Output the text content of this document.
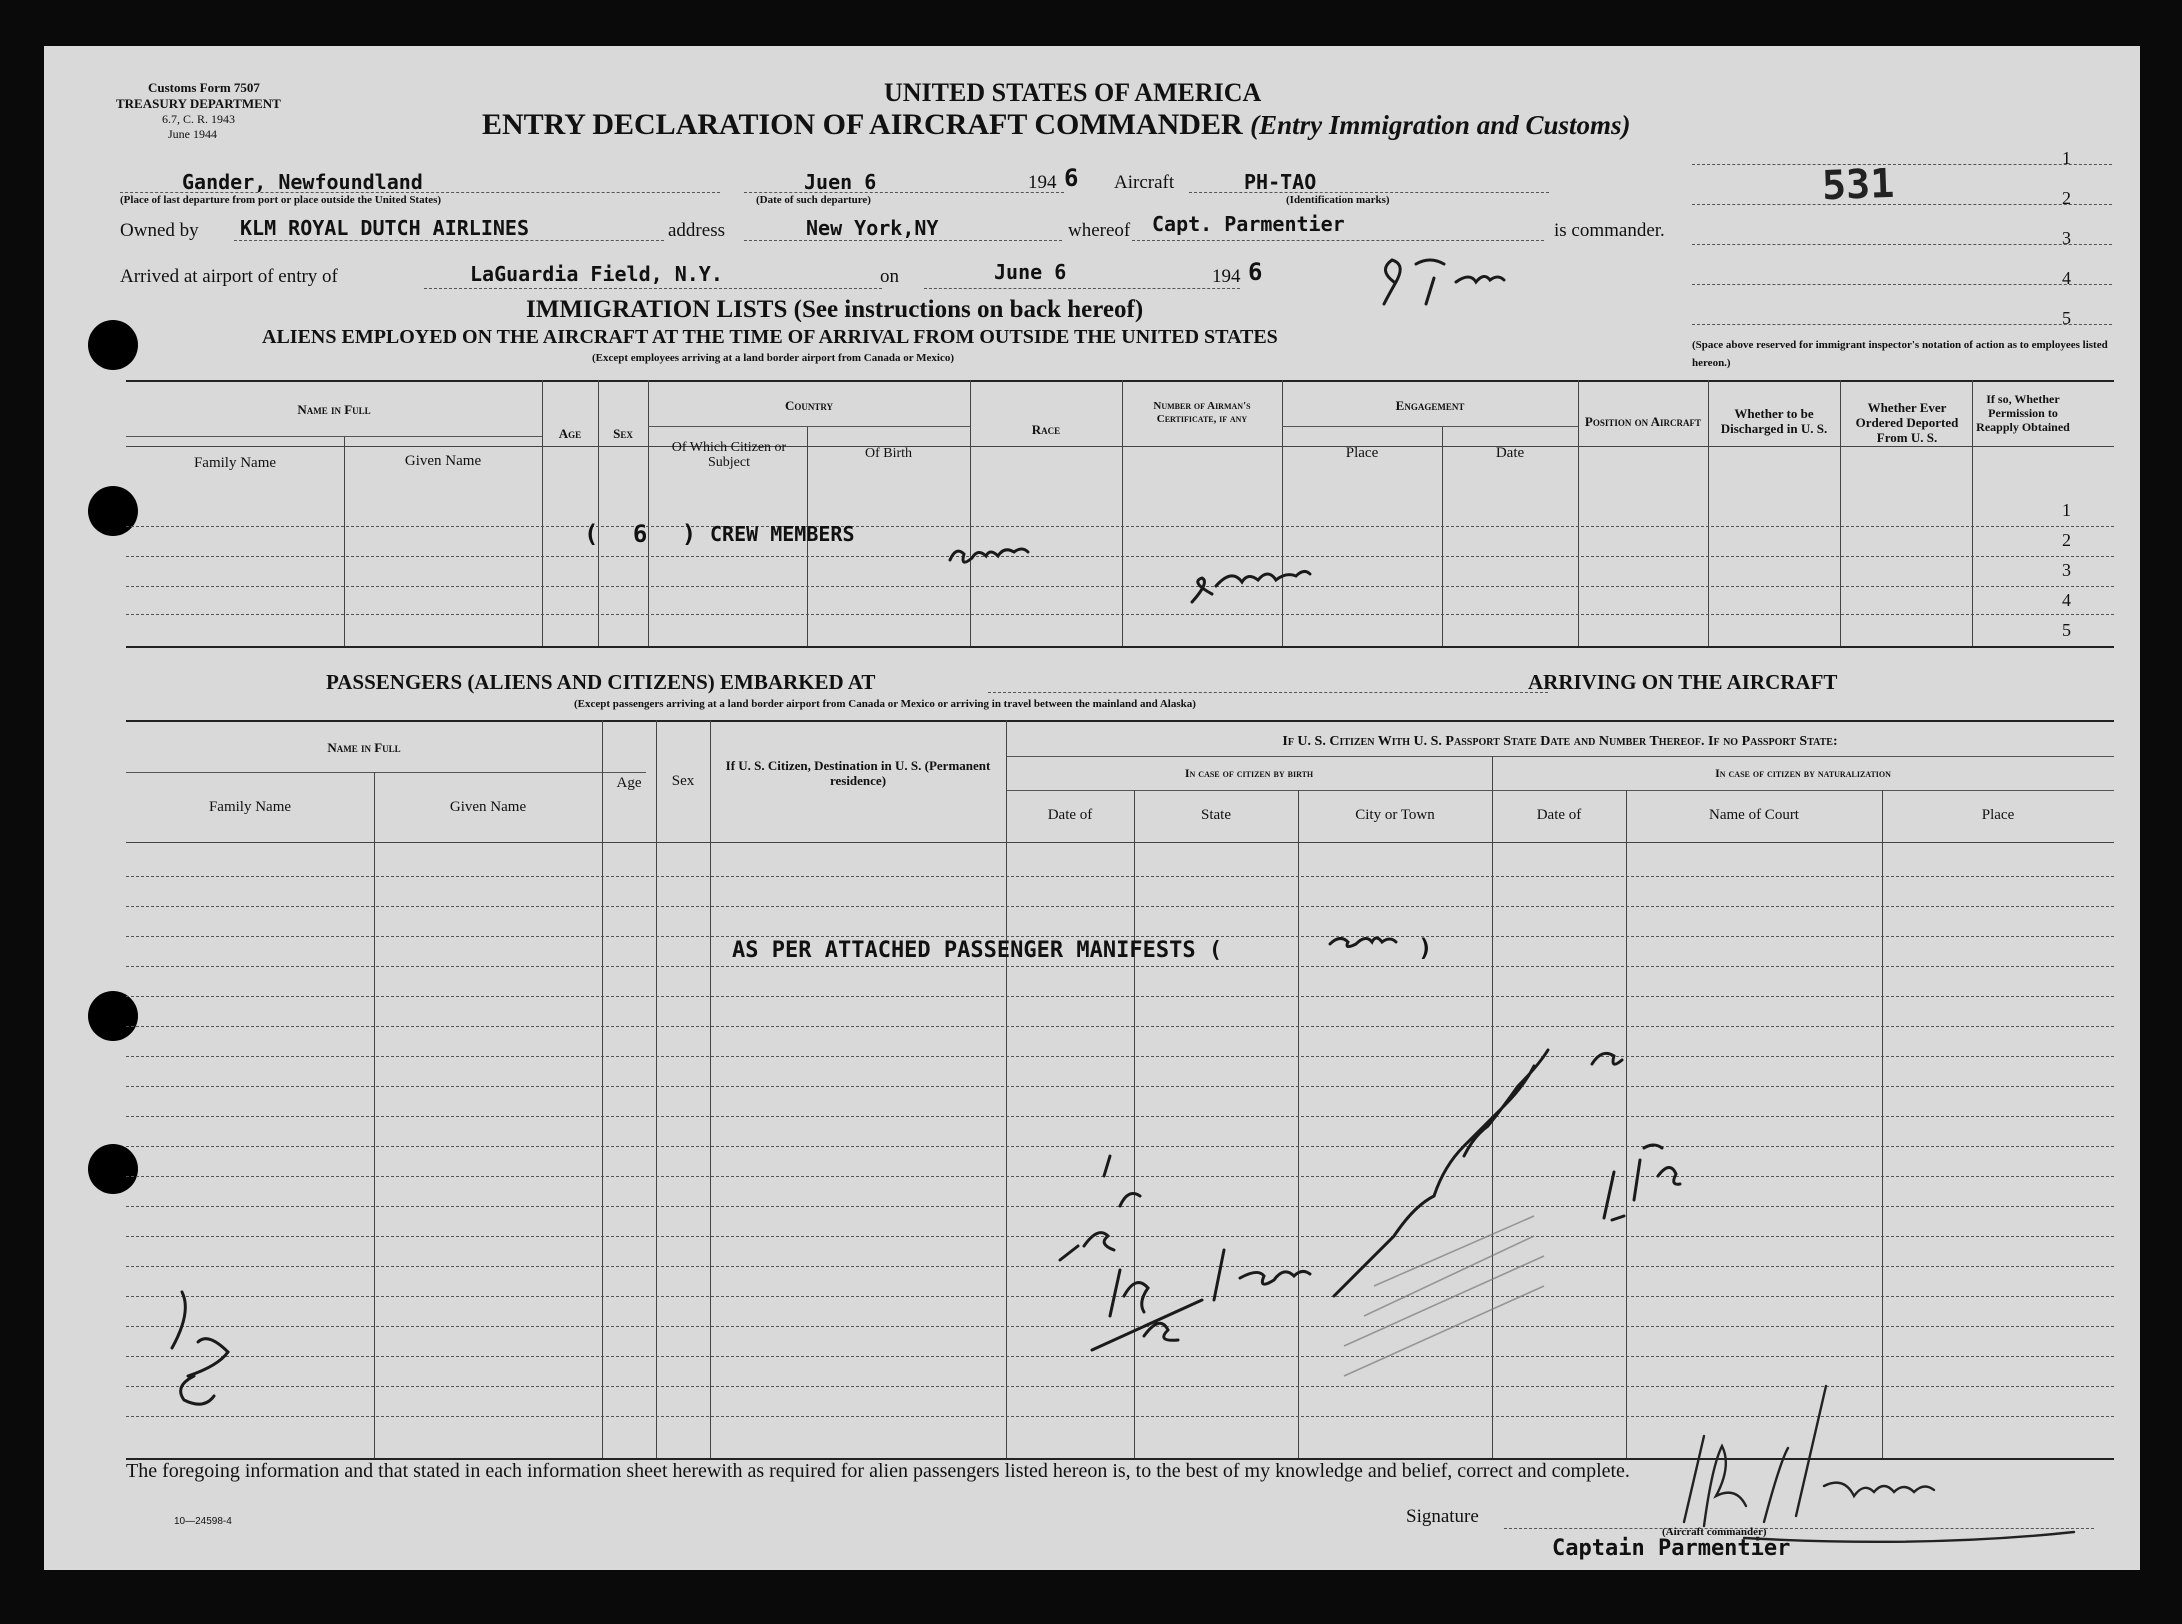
Customs Form 7507
TREASURY DEPARTMENT
6.7, C. R. 1943
June 1944
UNITED STATES OF AMERICA
ENTRY DECLARATION OF AIRCRAFT COMMANDER (Entry Immigration and Customs)
1
2
3
4
5
531
(Space above reserved for immigrant inspector's notation of action as to employees listed hereon.)
Gander, Newfoundland
(Place of last departure from port or place outside the United States)
Juen 6
(Date of such departure)
194 6 Aircraft	PH-TAO
(Identification marks)
Owned by KLM ROYAL DUTCH AIRLINES	address	New York,NY	whereof Capt. Parmentier	is commander.
Arrived at airport of entry of	LaGuardia Field, N.Y.	on	June 6	194 6
IMMIGRATION LISTS (See instructions on back hereof)
ALIENS EMPLOYED ON THE AIRCRAFT AT THE TIME OF ARRIVAL FROM OUTSIDE THE UNITED STATES
(Except employees arriving at a land border airport from Canada or Mexico)
Name in Full
Family Name	Given Name
Age	Sex
Country
Of Which Citizen or Subject
Of Birth
Race
Number of Airman's Certificate, if any
Engagement
Place	Date
Position on Aircraft
Whether to be Discharged in U. S.
Whether Ever Ordered Deported From U. S.
If so, Whether Permission to Reapply Obtained
1
2
3
4
5
( 6 ) CREW MEMBERS
PASSENGERS (ALIENS AND CITIZENS) EMBARKED AT	ARRIVING ON THE AIRCRAFT
(Except passengers arriving at a land border airport from Canada or Mexico or arriving in travel between the mainland and Alaska)
Name in Full
Family Name	Given Name
Age	Sex
If U. S. Citizen, Destination in U. S. (Permanent residence)
If U. S. Citizen With U. S. Passport State Date and Number Thereof. If no Passport State:
In case of citizen by birth	In case of citizen by naturalization
Date of	State	City or Town	Date of	Name of Court	Place
AS PER ATTACHED PASSENGER MANIFESTS (	)
The foregoing information and that stated in each information sheet herewith as required for alien passengers listed hereon is, to the best of my knowledge and belief, correct and complete.
10—24598-4	Signature
(Aircraft commander)
Captain Parmentier
